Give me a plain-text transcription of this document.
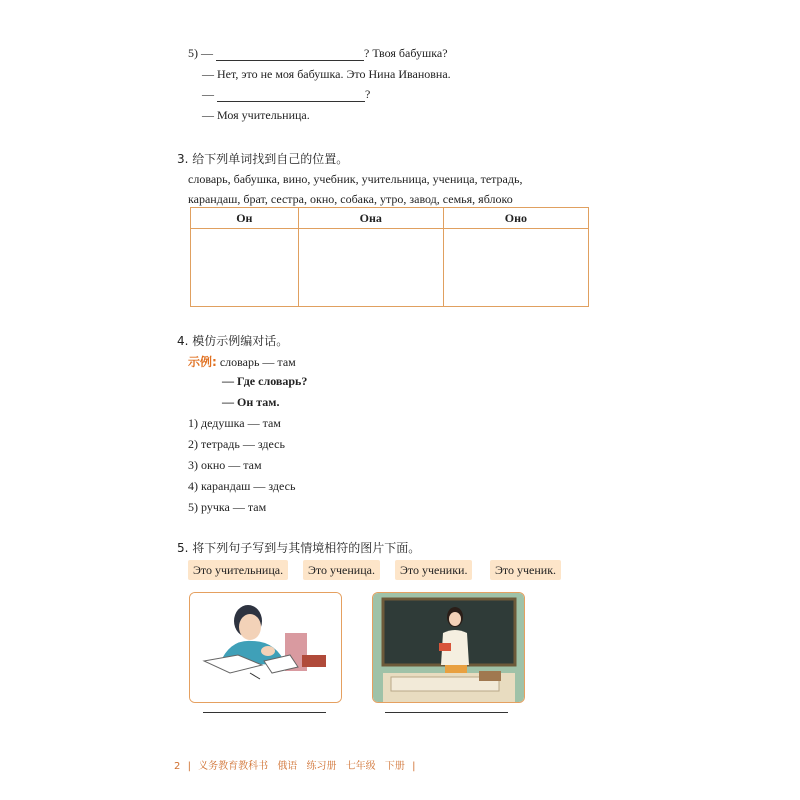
5) —	? Твоя бабушка?
— Нет, это не моя бабушка. Это Нина Ивановна.
—	?
— Моя учительница.
3. 给下列单词找到自己的位置。
словарь, бабушка, вино, учебник, учительница, ученица, тетрадь,
карандаш, брат, сестра, окно, собака, утро, завод, семья, яблоко
Он	Она	Оно

4. 模仿示例编对话。
示例: словарь — там
— Где словарь?
— Он там.
1) дедушка — там
2) тетрадь — здесь
3) окно — там
4) карандаш — здесь
5) ручка — там
5. 将下列句子写到与其情境相符的图片下面。
Это учительница.	Это ученица.	Это ученики.	Это ученик.
2 | 义务教育教科书 俄语 练习册 七年级 下册 |
